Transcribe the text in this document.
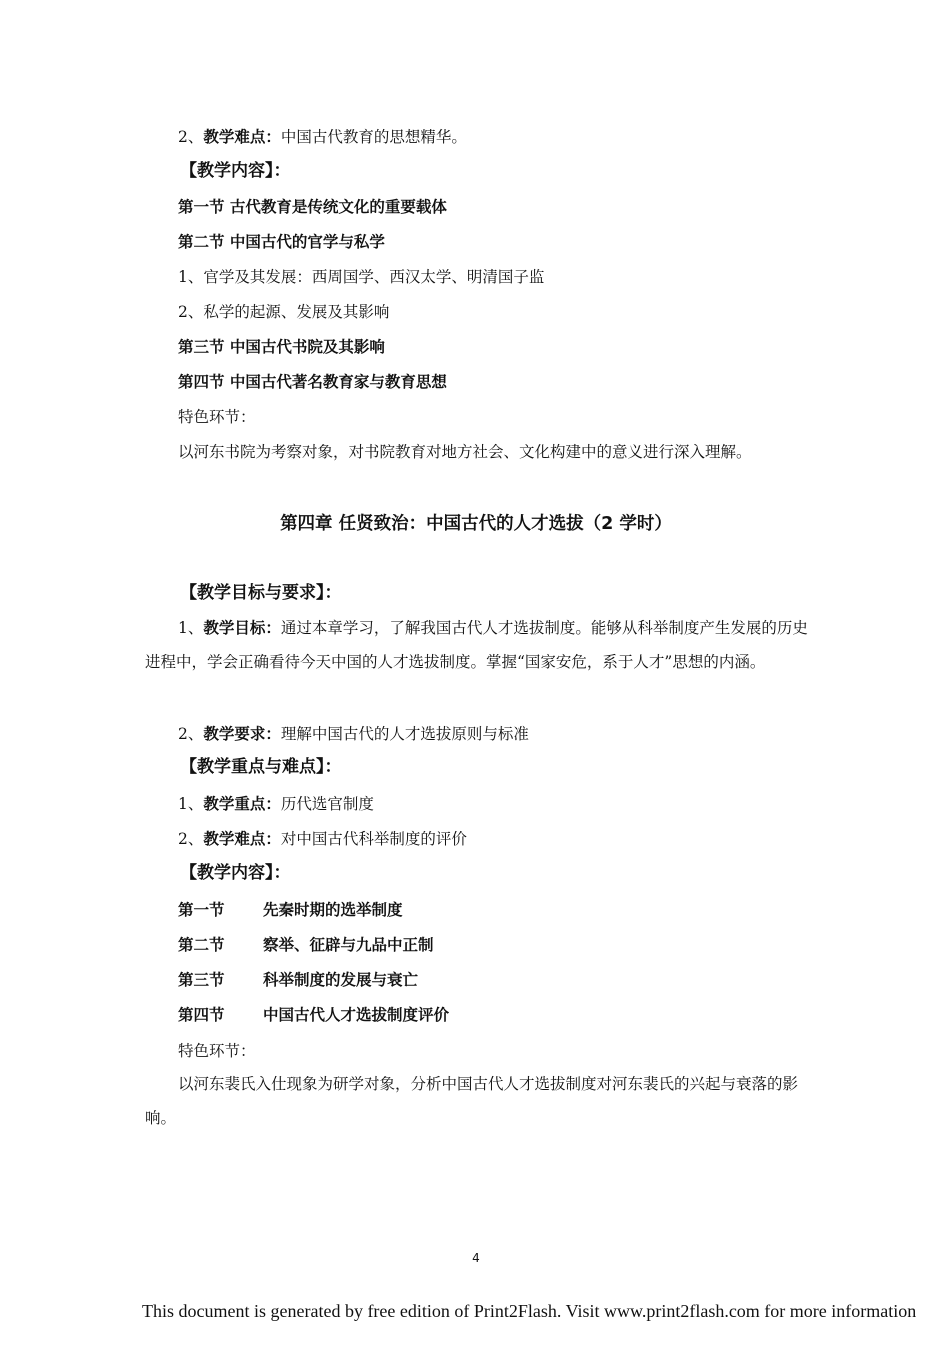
2、教学难点：中国古代教育的思想精华。
【教学内容】：
第一节 古代教育是传统文化的重要载体
第二节 中国古代的官学与私学
1、官学及其发展：西周国学、西汉太学、明清国子监
2、私学的起源、发展及其影响
第三节 中国古代书院及其影响
第四节 中国古代著名教育家与教育思想
特色环节：
以河东书院为考察对象，对书院教育对地方社会、文化构建中的意义进行深入理解。
第四章 任贤致治：中国古代的人才选拔（2 学时）
【教学目标与要求】：
1、教学目标：通过本章学习，了解我国古代人才选拔制度。能够从科举制度产生发展的历史进程中，学会正确看待今天中国的人才选拔制度。掌握“国家安危，系于人才”思想的内涵。
2、教学要求：理解中国古代的人才选拔原则与标准
【教学重点与难点】：
1、教学重点：历代选官制度
2、教学难点：对中国古代科举制度的评价
【教学内容】：
第一节 先秦时期的选举制度
第二节 察举、征辟与九品中正制
第三节 科举制度的发展与衰亡
第四节 中国古代人才选拔制度评价
特色环节：
以河东裴氏入仕现象为研学对象，分析中国古代人才选拔制度对河东裴氏的兴起与衰落的影响。
4
This document is generated by free edition of Print2Flash. Visit www.print2flash.com for more information
